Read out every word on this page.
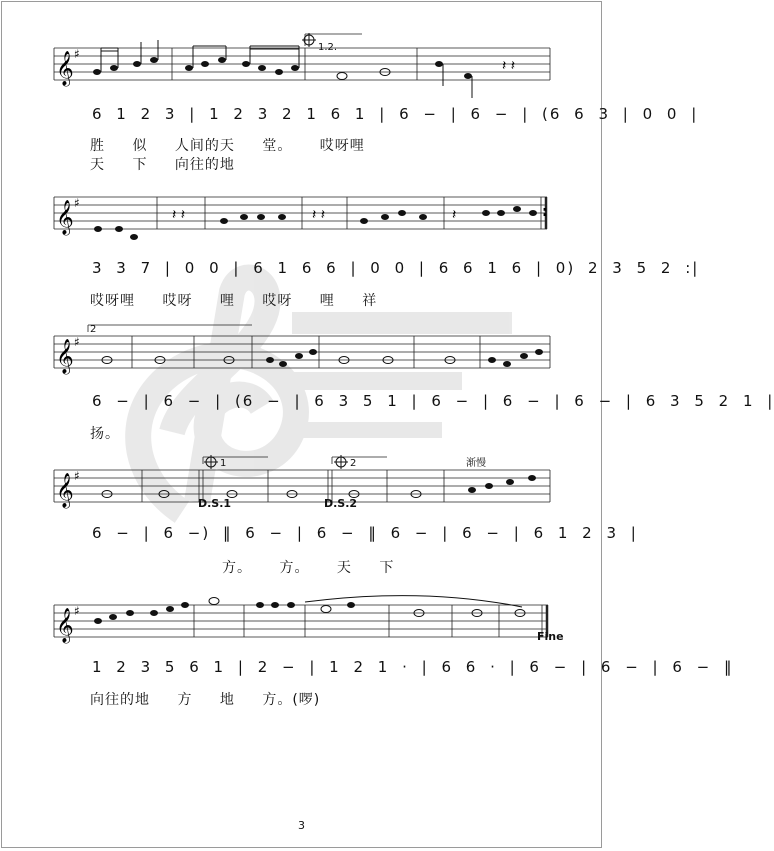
𝄞 ♯
𝄽 𝄽
1.2.
6 1 2 3 | 1 2 3 2 1 6 1 | 6 − | 6 − | (6 6 3 | 0 0 |
胜 似 人间的天 堂。 哎呀哩
天 下 向往的地
𝄞 ♯
𝄽 𝄽	𝄽 𝄽	𝄽	:
3 3 7 | 0 0 | 6 1 6 6 | 0 0 | 6 6 1 6 | 0) 2 3 5 2 :|
哎呀哩 哎呀 哩 哎呀 哩 祥
𝄞 ♯
2
6 − | 6 − | (6 − | 6 3 5 1 | 6 − | 6 − | 6 − | 6 3 5 2 1 |
扬。
𝄞 ♯
1	2
D.S.1	D.S.2
渐慢
6 − | 6 −) ‖ 6 − | 6 − ‖ 6 − | 6 − | 6 1 2 3 |
方。 方。 天 下
𝄞 ♯
Fine
1 2 3 5 6 1 | 2 − | 1 2 1 · | 6 6 · | 6 − | 6 − | 6 − ‖
向往的地 方 地 方。(啰)
3
